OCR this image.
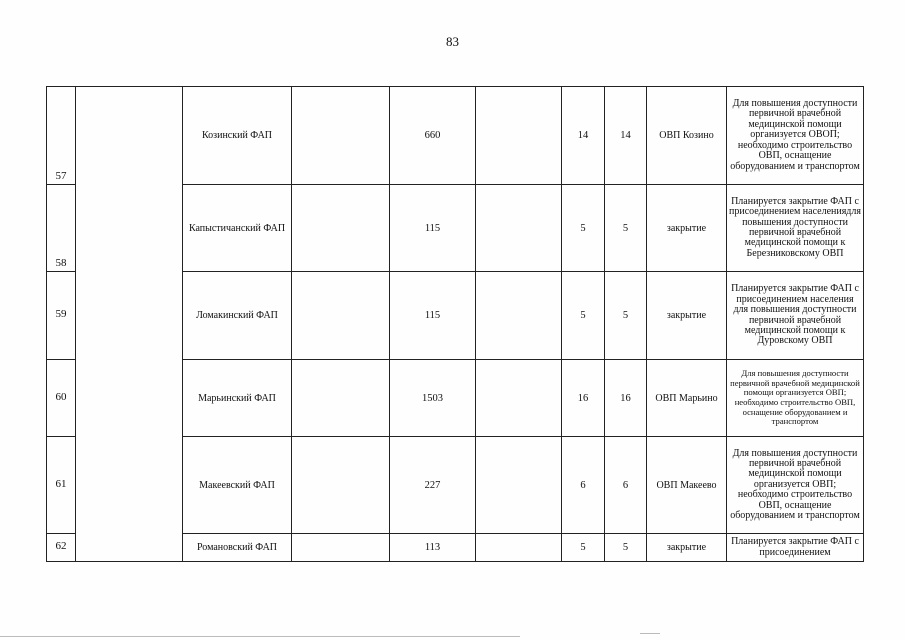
83
57		Козинский ФАП		660		14	14	ОВП Козино	Для повышения доступности первичной врачебной медицинской помощи организуется ОВОП; необходимо строительство ОВП, оснащение оборудованием и транспортом
58		Капыстичанский ФАП		115		5	5	закрытие	Планируется закрытие ФАП с присоединением населениядля повышения доступности первичной врачебной медицинской помощи к Березниковскому ОВП
59		Ломакинский ФАП		115		5	5	закрытие	Планируется закрытие ФАП с присоединением населения для повышения доступности первичной врачебной медицинской помощи к Дуровскому ОВП
60		Марьинский ФАП		1503		16	16	ОВП Марьино	Для повышения доступности первичной врачебной медицинской помощи организуется ОВП; необходимо строительство ОВП, оснащение оборудованием и транспортом
61		Макеевский ФАП		227		6	6	ОВП Макеево	Для повышения доступности первичной врачебной медицинской помощи организуется ОВП; необходимо строительство ОВП, оснащение оборудованием и транспортом
62		Романовский ФАП		113		5	5	закрытие	Планируется закрытие ФАП с присоединением
